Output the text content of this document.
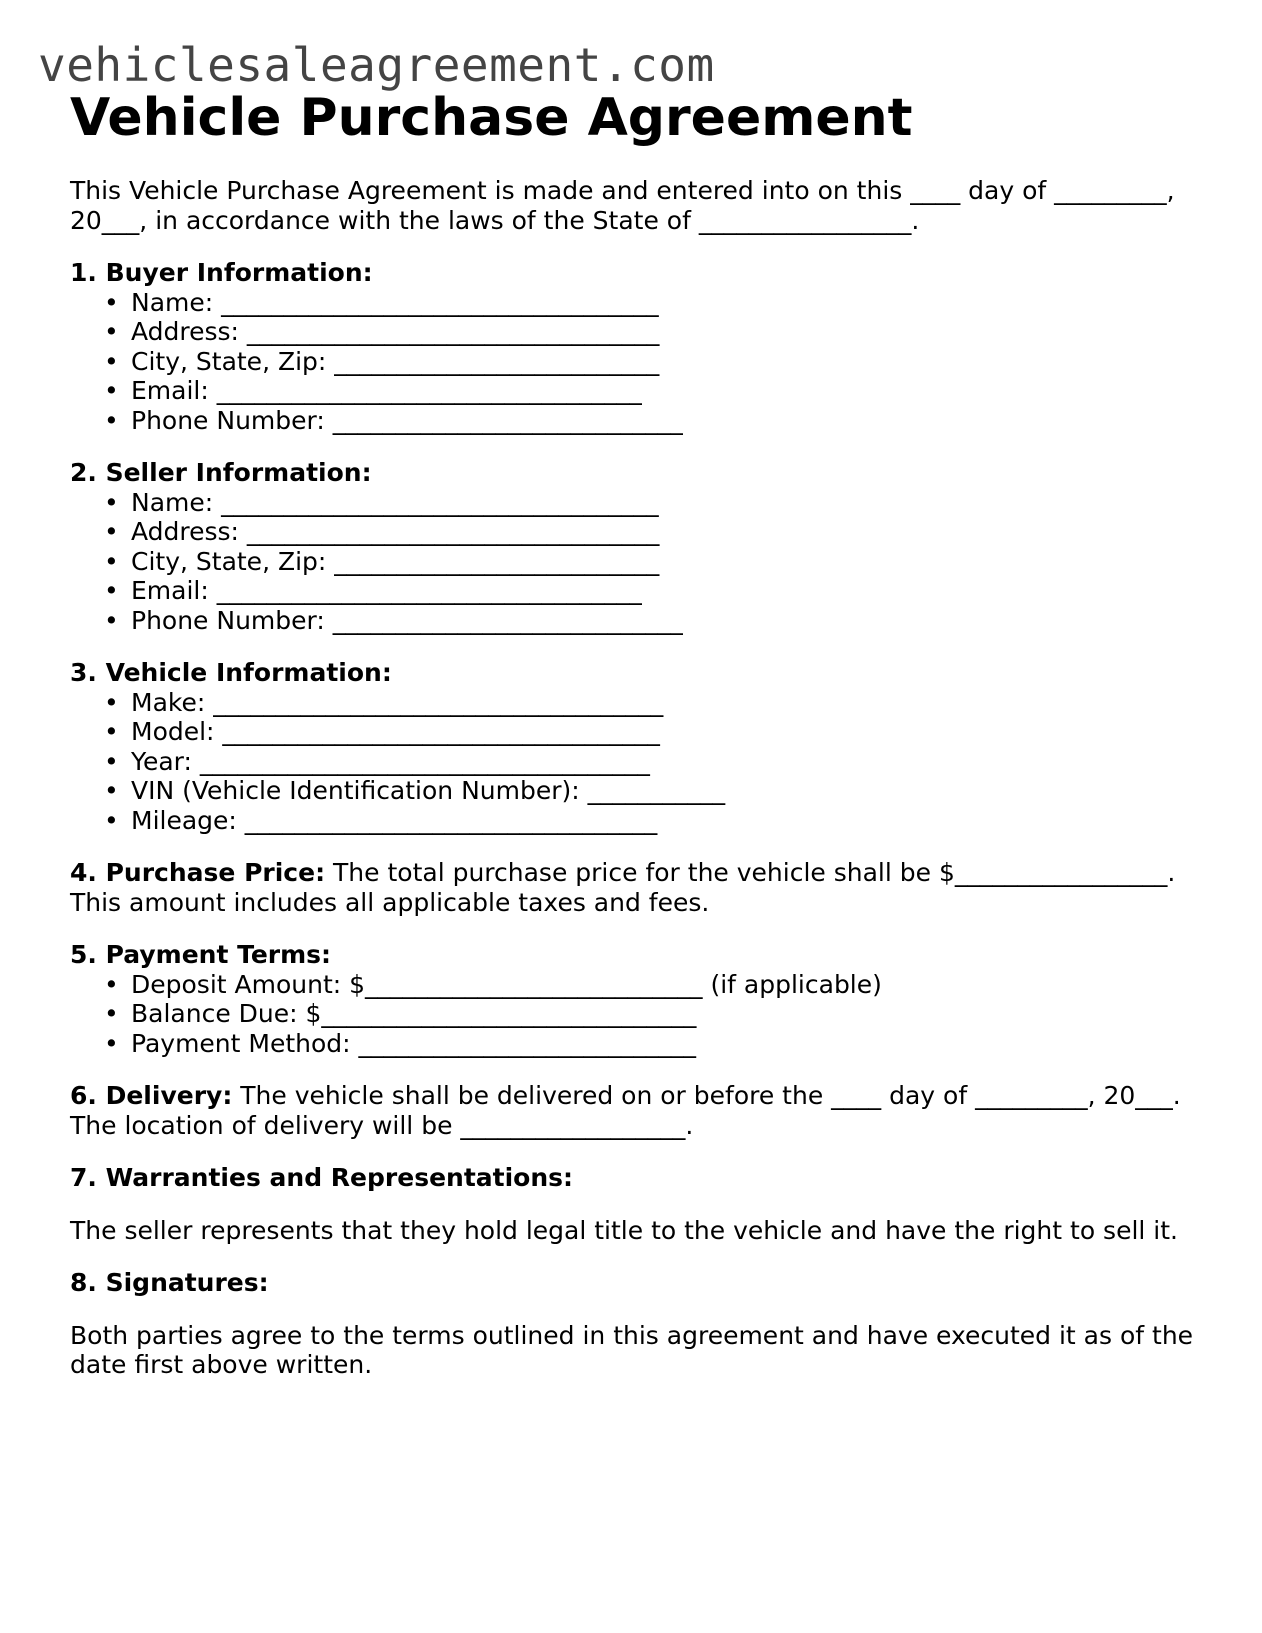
vehiclesaleagreement.com
Vehicle Purchase Agreement
This Vehicle Purchase Agreement is made and entered into on this ____ day of _________,
20___, in accordance with the laws of the State of _________________.
1. Buyer Information:
• Name: ___________________________________
• Address: _________________________________
• City, State, Zip: __________________________
• Email: __________________________________
• Phone Number: ____________________________
2. Seller Information:
• Name: ___________________________________
• Address: _________________________________
• City, State, Zip: __________________________
• Email: __________________________________
• Phone Number: ____________________________
3. Vehicle Information:
• Make: ____________________________________
• Model: ___________________________________
• Year: ____________________________________
• VIN (Vehicle Identification Number): ___________
• Mileage: _________________________________
4. Purchase Price: The total purchase price for the vehicle shall be $_________________.
This amount includes all applicable taxes and fees.
5. Payment Terms:
• Deposit Amount: $___________________________ (if applicable)
• Balance Due: $______________________________
• Payment Method: ___________________________
6. Delivery: The vehicle shall be delivered on or before the ____ day of _________, 20___.
The location of delivery will be __________________.
7. Warranties and Representations:
The seller represents that they hold legal title to the vehicle and have the right to sell it.
8. Signatures:
Both parties agree to the terms outlined in this agreement and have executed it as of the
date first above written.
